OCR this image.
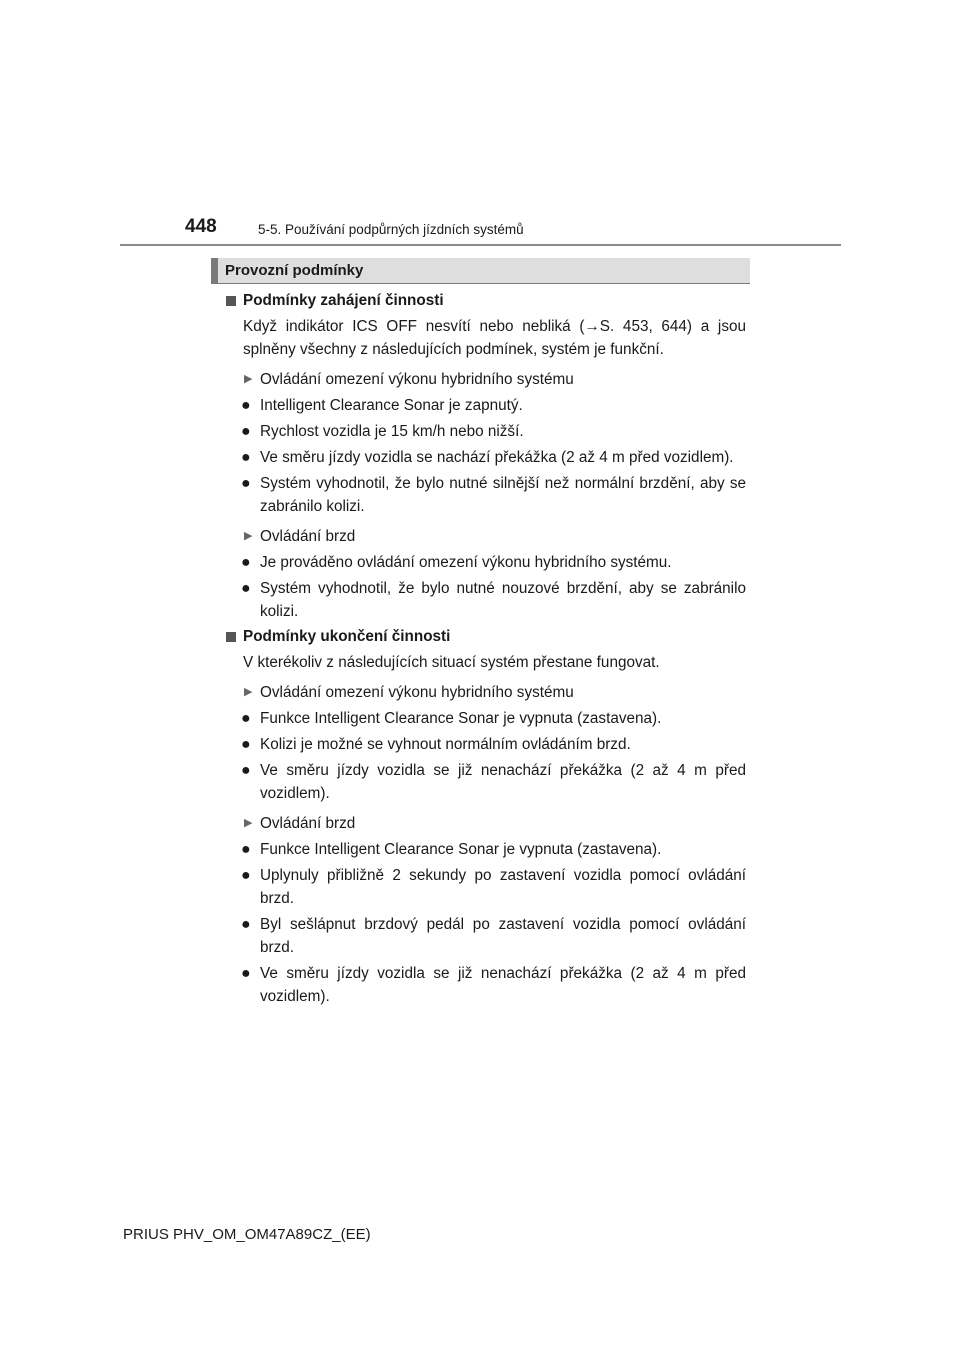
448	5-5. Používání podpůrných jízdních systémů
Provozní podmínky
Podmínky zahájení činnosti
Když indikátor ICS OFF nesvítí nebo nebliká (→S. 453, 644) a jsou splněny všechny z následujících podmínek, systém je funkční.
▶ Ovládání omezení výkonu hybridního systému
● Intelligent Clearance Sonar je zapnutý.
● Rychlost vozidla je 15 km/h nebo nižší.
● Ve směru jízdy vozidla se nachází překážka (2 až 4 m před vozidlem).
● Systém vyhodnotil, že bylo nutné silnější než normální brzdění, aby se zabránilo kolizi.
▶ Ovládání brzd
● Je prováděno ovládání omezení výkonu hybridního systému.
● Systém vyhodnotil, že bylo nutné nouzové brzdění, aby se zabránilo kolizi.
Podmínky ukončení činnosti
V kterékoliv z následujících situací systém přestane fungovat.
▶ Ovládání omezení výkonu hybridního systému
● Funkce Intelligent Clearance Sonar je vypnuta (zastavena).
● Kolizi je možné se vyhnout normálním ovládáním brzd.
● Ve směru jízdy vozidla se již nenachází překážka (2 až 4 m před vozidlem).
▶ Ovládání brzd
● Funkce Intelligent Clearance Sonar je vypnuta (zastavena).
● Uplynuly přibližně 2 sekundy po zastavení vozidla pomocí ovládání brzd.
● Byl sešlápnut brzdový pedál po zastavení vozidla pomocí ovládání brzd.
● Ve směru jízdy vozidla se již nenachází překážka (2 až 4 m před vozidlem).
PRIUS PHV_OM_OM47A89CZ_(EE)
